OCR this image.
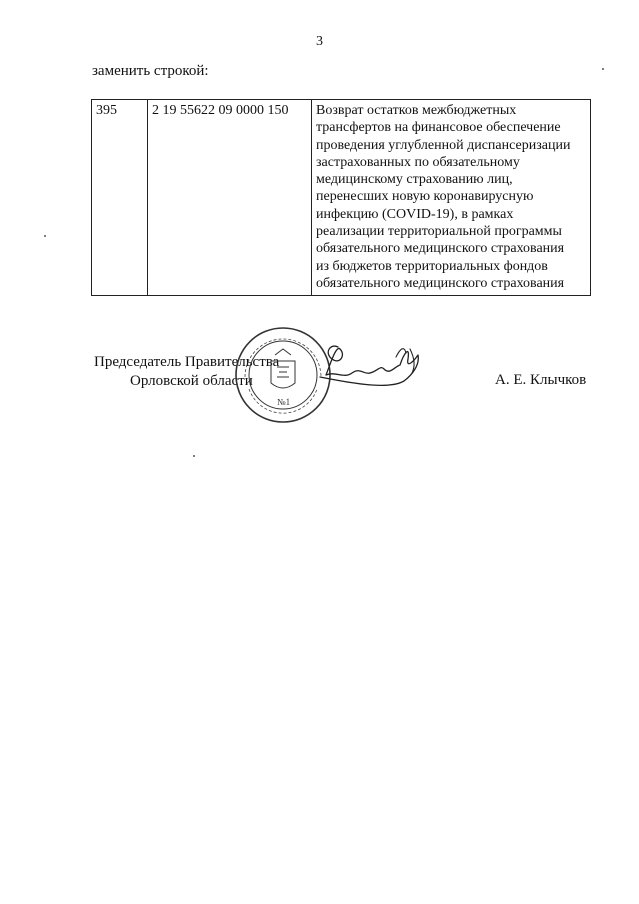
3
заменить строкой:
395	2 19 55622 09 0000 150	Возврат остатков межбюджетных
трансфертов на финансовое обеспечение
проведения углубленной диспансеризации
застрахованных по обязательному
медицинскому страхованию лиц,
перенесших новую коронавирусную
инфекцию (COVID-19), в рамках
реализации территориальной программы
обязательного медицинского страхования
из бюджетов территориальных фондов
обязательного медицинского страхования
Председатель Правительства
Орловской области
№1
А. Е. Клычков
